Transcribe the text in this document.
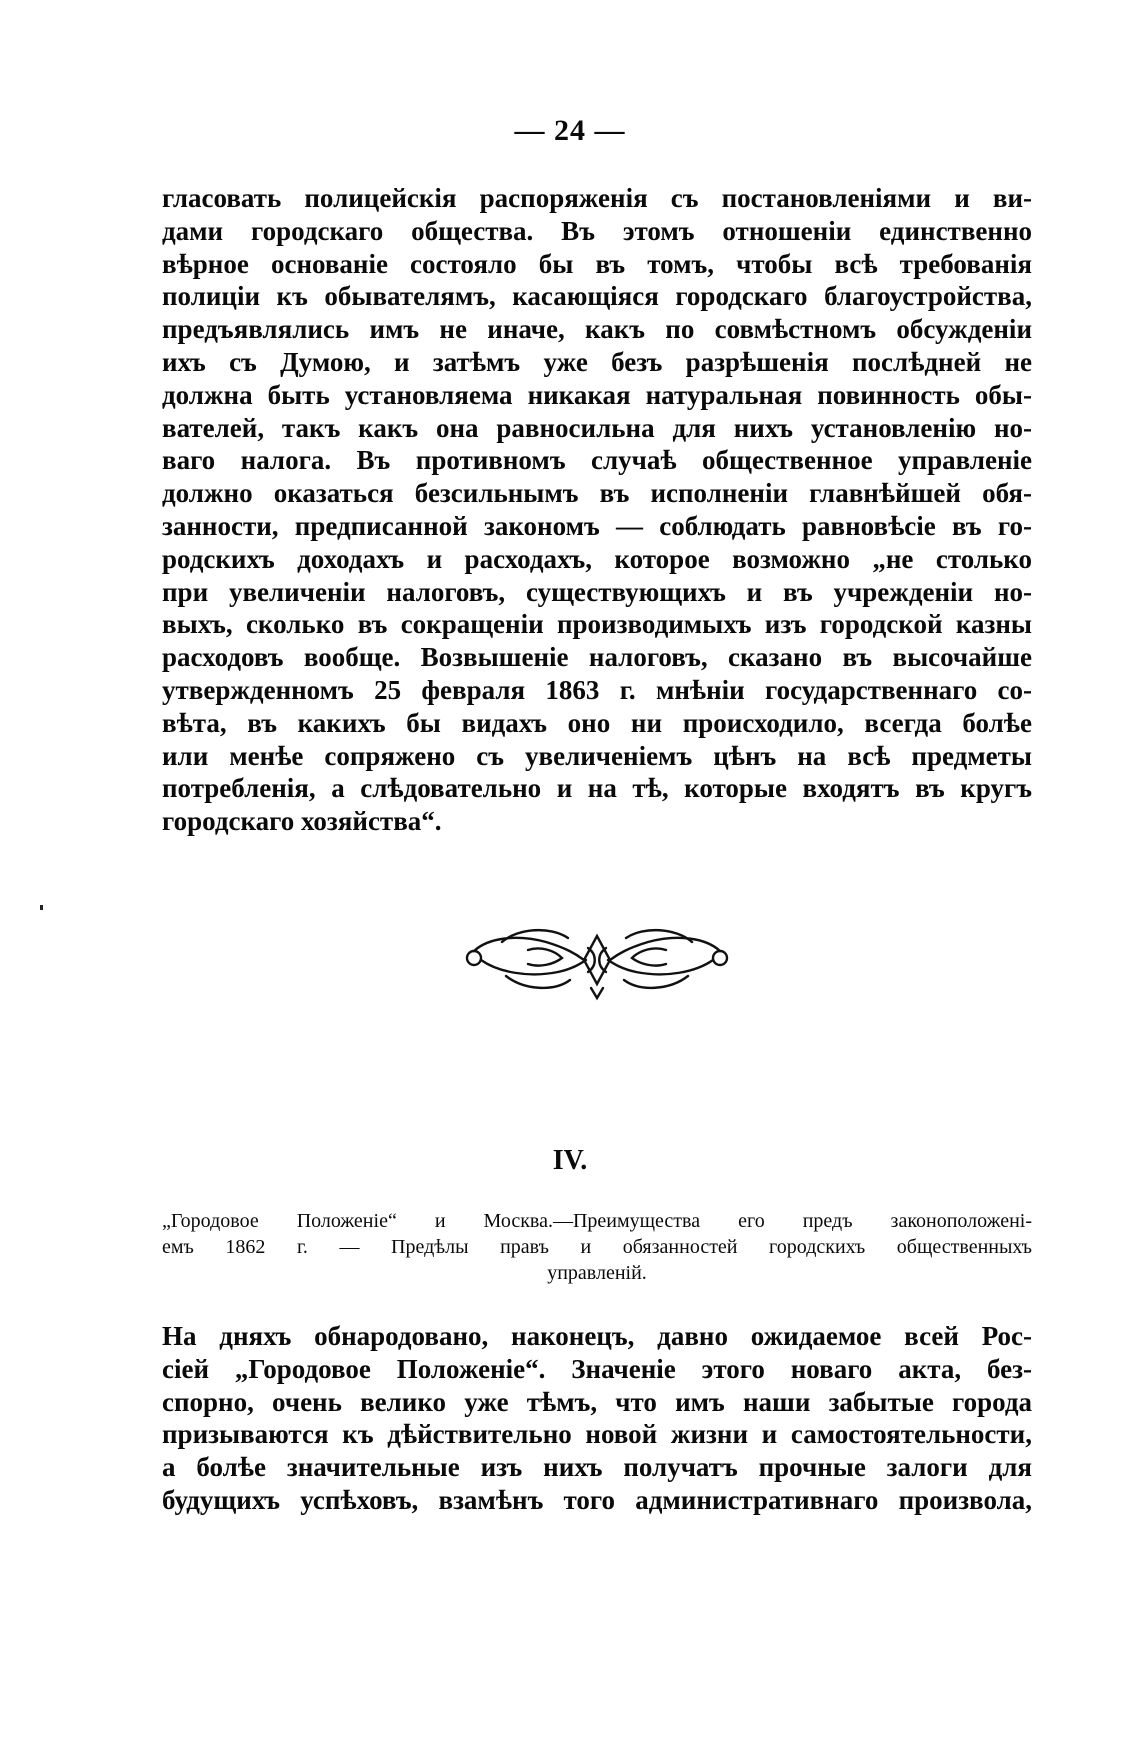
— 24 —
гласовать полицейскія распоряженія съ постановленіями и ви-
дами городскаго общества. Въ этомъ отношеніи единственно
вѣрное основаніе состояло бы въ томъ, чтобы всѣ требованія
полиціи къ обывателямъ, касающіяся городскаго благоустройства,
предъявлялись имъ не иначе, какъ по совмѣстномъ обсужденіи
ихъ съ Думою, и затѣмъ уже безъ разрѣшенія послѣдней не
должна быть установляема никакая натуральная повинность обы-
вателей, такъ какъ она равносильна для нихъ установленію но-
ваго налога. Въ противномъ случаѣ общественное управленіе
должно оказаться безсильнымъ въ исполненіи главнѣйшей обя-
занности, предписанной закономъ — соблюдать равновѣсіе въ го-
родскихъ доходахъ и расходахъ, которое возможно „не столько
при увеличеніи налоговъ, существующихъ и въ учрежденіи но-
выхъ, сколько въ сокращеніи производимыхъ изъ городской казны
расходовъ вообще. Возвышеніе налоговъ, сказано въ высочайше
утвержденномъ 25 февраля 1863 г. мнѣніи государственнаго со-
вѣта, въ какихъ бы видахъ оно ни происходило, всегда болѣе
или менѣе сопряжено съ увеличеніемъ цѣнъ на всѣ предметы
потребленія, а слѣдовательно и на тѣ, которые входятъ въ кругъ
городскаго хозяйства“.
IV.
„Городовое Положеніе“ и Москва.—Преимущества его предъ законоположені-
емъ 1862 г. — Предѣлы правъ и обязанностей городскихъ общественныхъ
управленій.
На дняхъ обнародовано, наконецъ, давно ожидаемое всей Рос-
сіей „Городовое Положеніе“. Значеніе этого новаго акта, без-
спорно, очень велико уже тѣмъ, что имъ наши забытые города
призываются къ дѣйствительно новой жизни и самостоятельности,
а болѣе значительные изъ нихъ получатъ прочные залоги для
будущихъ успѣховъ, взамѣнъ того административнаго произвола,
